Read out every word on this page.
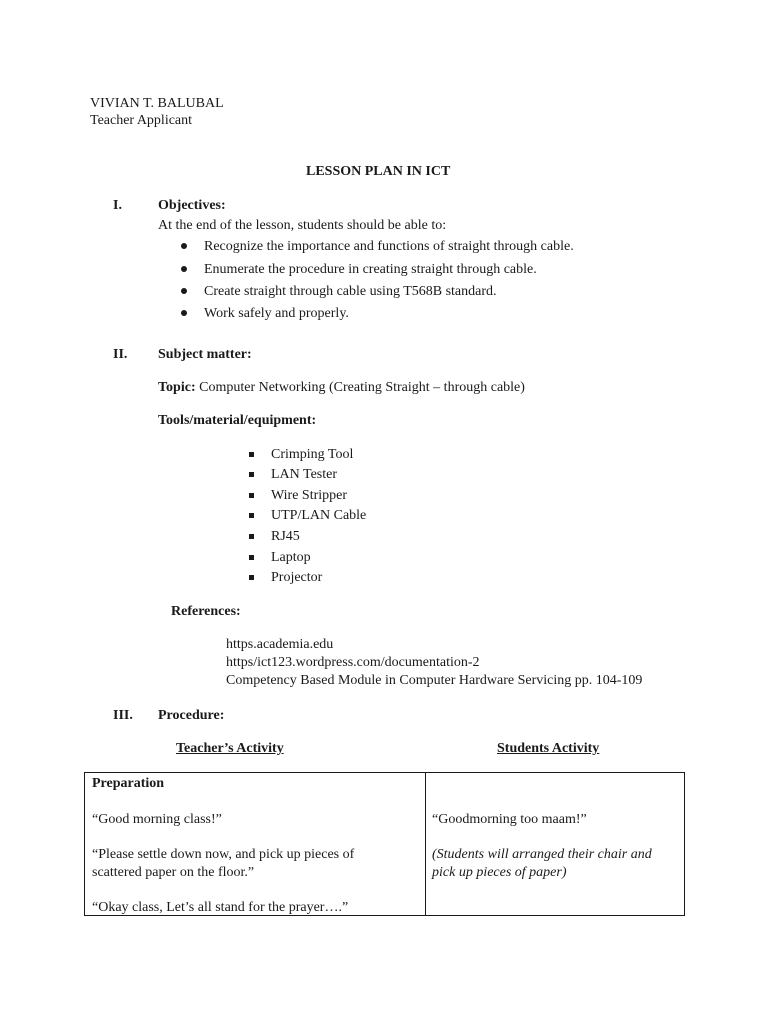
VIVIAN T. BALUBAL
Teacher Applicant
LESSON PLAN IN ICT
I.	Objectives:
At the end of the lesson, students should be able to:
Recognize the importance and functions of straight through cable.
Enumerate the procedure in creating straight through cable.
Create straight through cable using T568B standard.
Work safely and properly.
II. Subject matter:
Topic: Computer Networking (Creating Straight – through cable)
Tools/material/equipment:
Crimping Tool
LAN Tester
Wire Stripper
UTP/LAN Cable
RJ45
Laptop
Projector
References:
https.academia.edu
https/ict123.wordpress.com/documentation-2
Competency Based Module in Computer Hardware Servicing pp. 104-109
III. Procedure:
Teacher’s Activity	Students Activity
Preparation
“Good morning class!”
“Please settle down now, and pick up pieces of
scattered paper on the floor.”
“Okay class, Let’s all stand for the prayer….”
“Goodmorning too maam!”
(Students will arranged their chair and
pick up pieces of paper)
